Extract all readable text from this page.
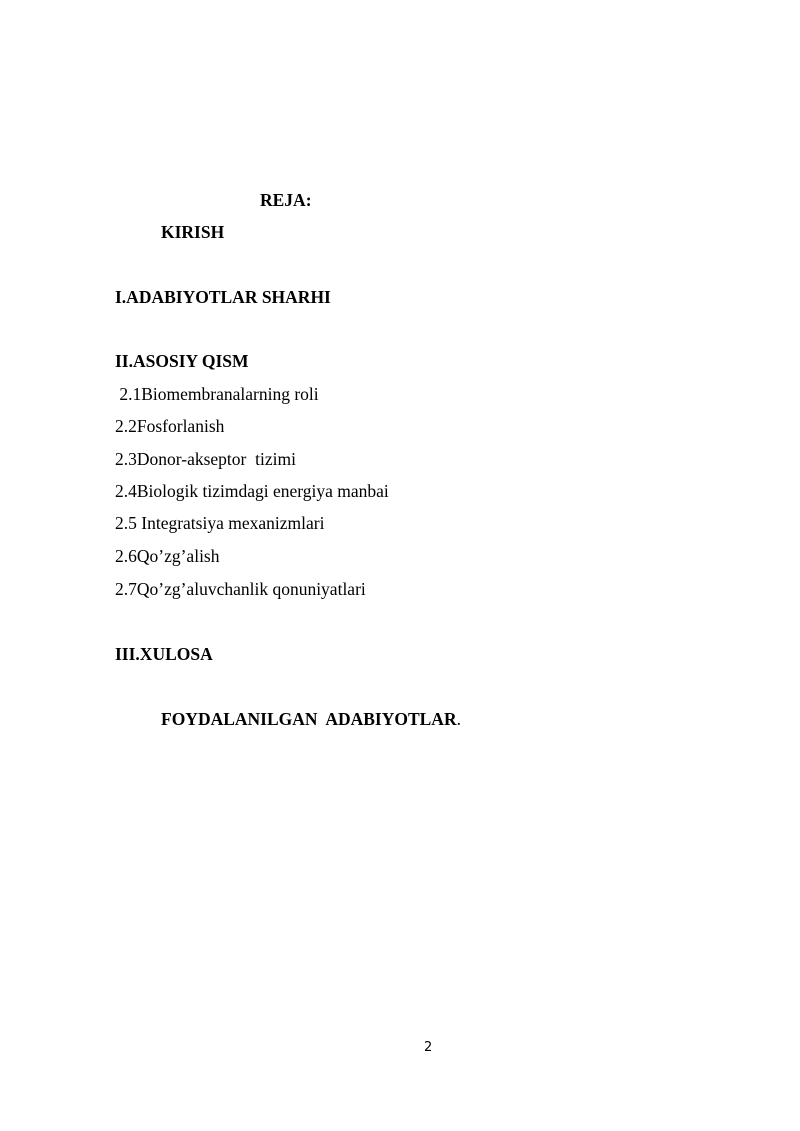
REJA:
KIRISH
I.ADABIYOTLAR SHARHI
II.ASOSIY QISM
2.1Biomembranalarning roli
2.2Fosforlanish
2.3Donor-akseptor  tizimi
2.4Biologik tizimdagi energiya manbai
2.5 Integratsiya mexanizmlari
2.6Qo’zg’alish
2.7Qo’zg’aluvchanlik qonuniyatlari
III.XULOSA
FOYDALANILGAN  ADABIYOTLAR.
2
